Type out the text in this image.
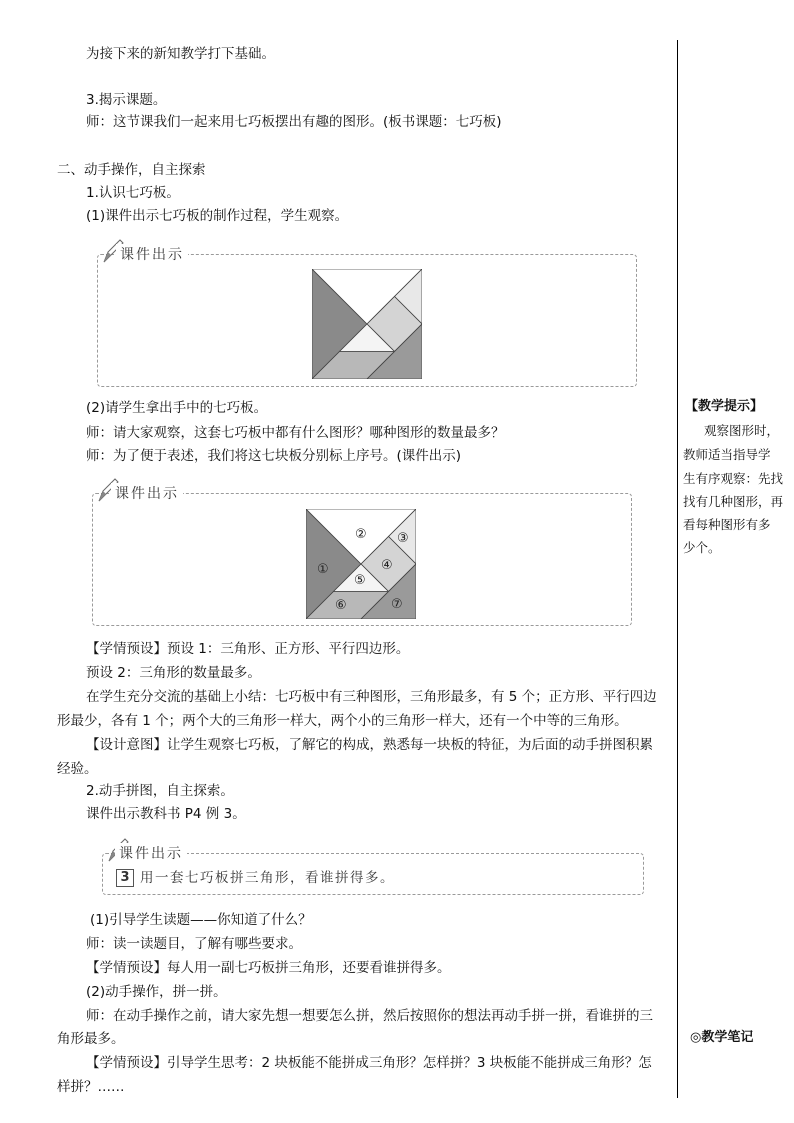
为接下来的新知教学打下基础。
3.揭示课题。
师：这节课我们一起来用七巧板摆出有趣的图形。(板书课题：七巧板)
二、动手操作，自主探索
1.认识七巧板。
(1)课件出示七巧板的制作过程，学生观察。
课件出示
(2)请学生拿出手中的七巧板。
师：请大家观察，这套七巧板中都有什么图形？哪种图形的数量最多？
师：为了便于表述，我们将这七块板分别标上序号。(课件出示)
课件出示
①
② ③
④
⑤
⑥	⑦
【学情预设】预设 1：三角形、正方形、平行四边形。
预设 2：三角形的数量最多。
在学生充分交流的基础上小结：七巧板中有三种图形，三角形最多，有 5 个；正方形、平行四边
形最少，各有 1 个；两个大的三角形一样大，两个小的三角形一样大，还有一个中等的三角形。
【设计意图】让学生观察七巧板，了解它的构成，熟悉每一块板的特征，为后面的动手拼图积累
经验。
2.动手拼图，自主探索。
课件出示教科书 P4 例 3。
课件出示
3 用一套七巧板拼三角形，看谁拼得多。
(1)引导学生读题——你知道了什么？
师：读一读题目，了解有哪些要求。
【学情预设】每人用一副七巧板拼三角形，还要看谁拼得多。
(2)动手操作，拼一拼。
师：在动手操作之前，请大家先想一想要怎么拼，然后按照你的想法再动手拼一拼，看谁拼的三
角形最多。
【学情预设】引导学生思考：2 块板能不能拼成三角形？怎样拼？3 块板能不能拼成三角形？怎
样拼？……
【教学提示】
观察图形时，
教师适当指导学
生有序观察：先找
找有几种图形，再
看每种图形有多
少个。
◎教学笔记
